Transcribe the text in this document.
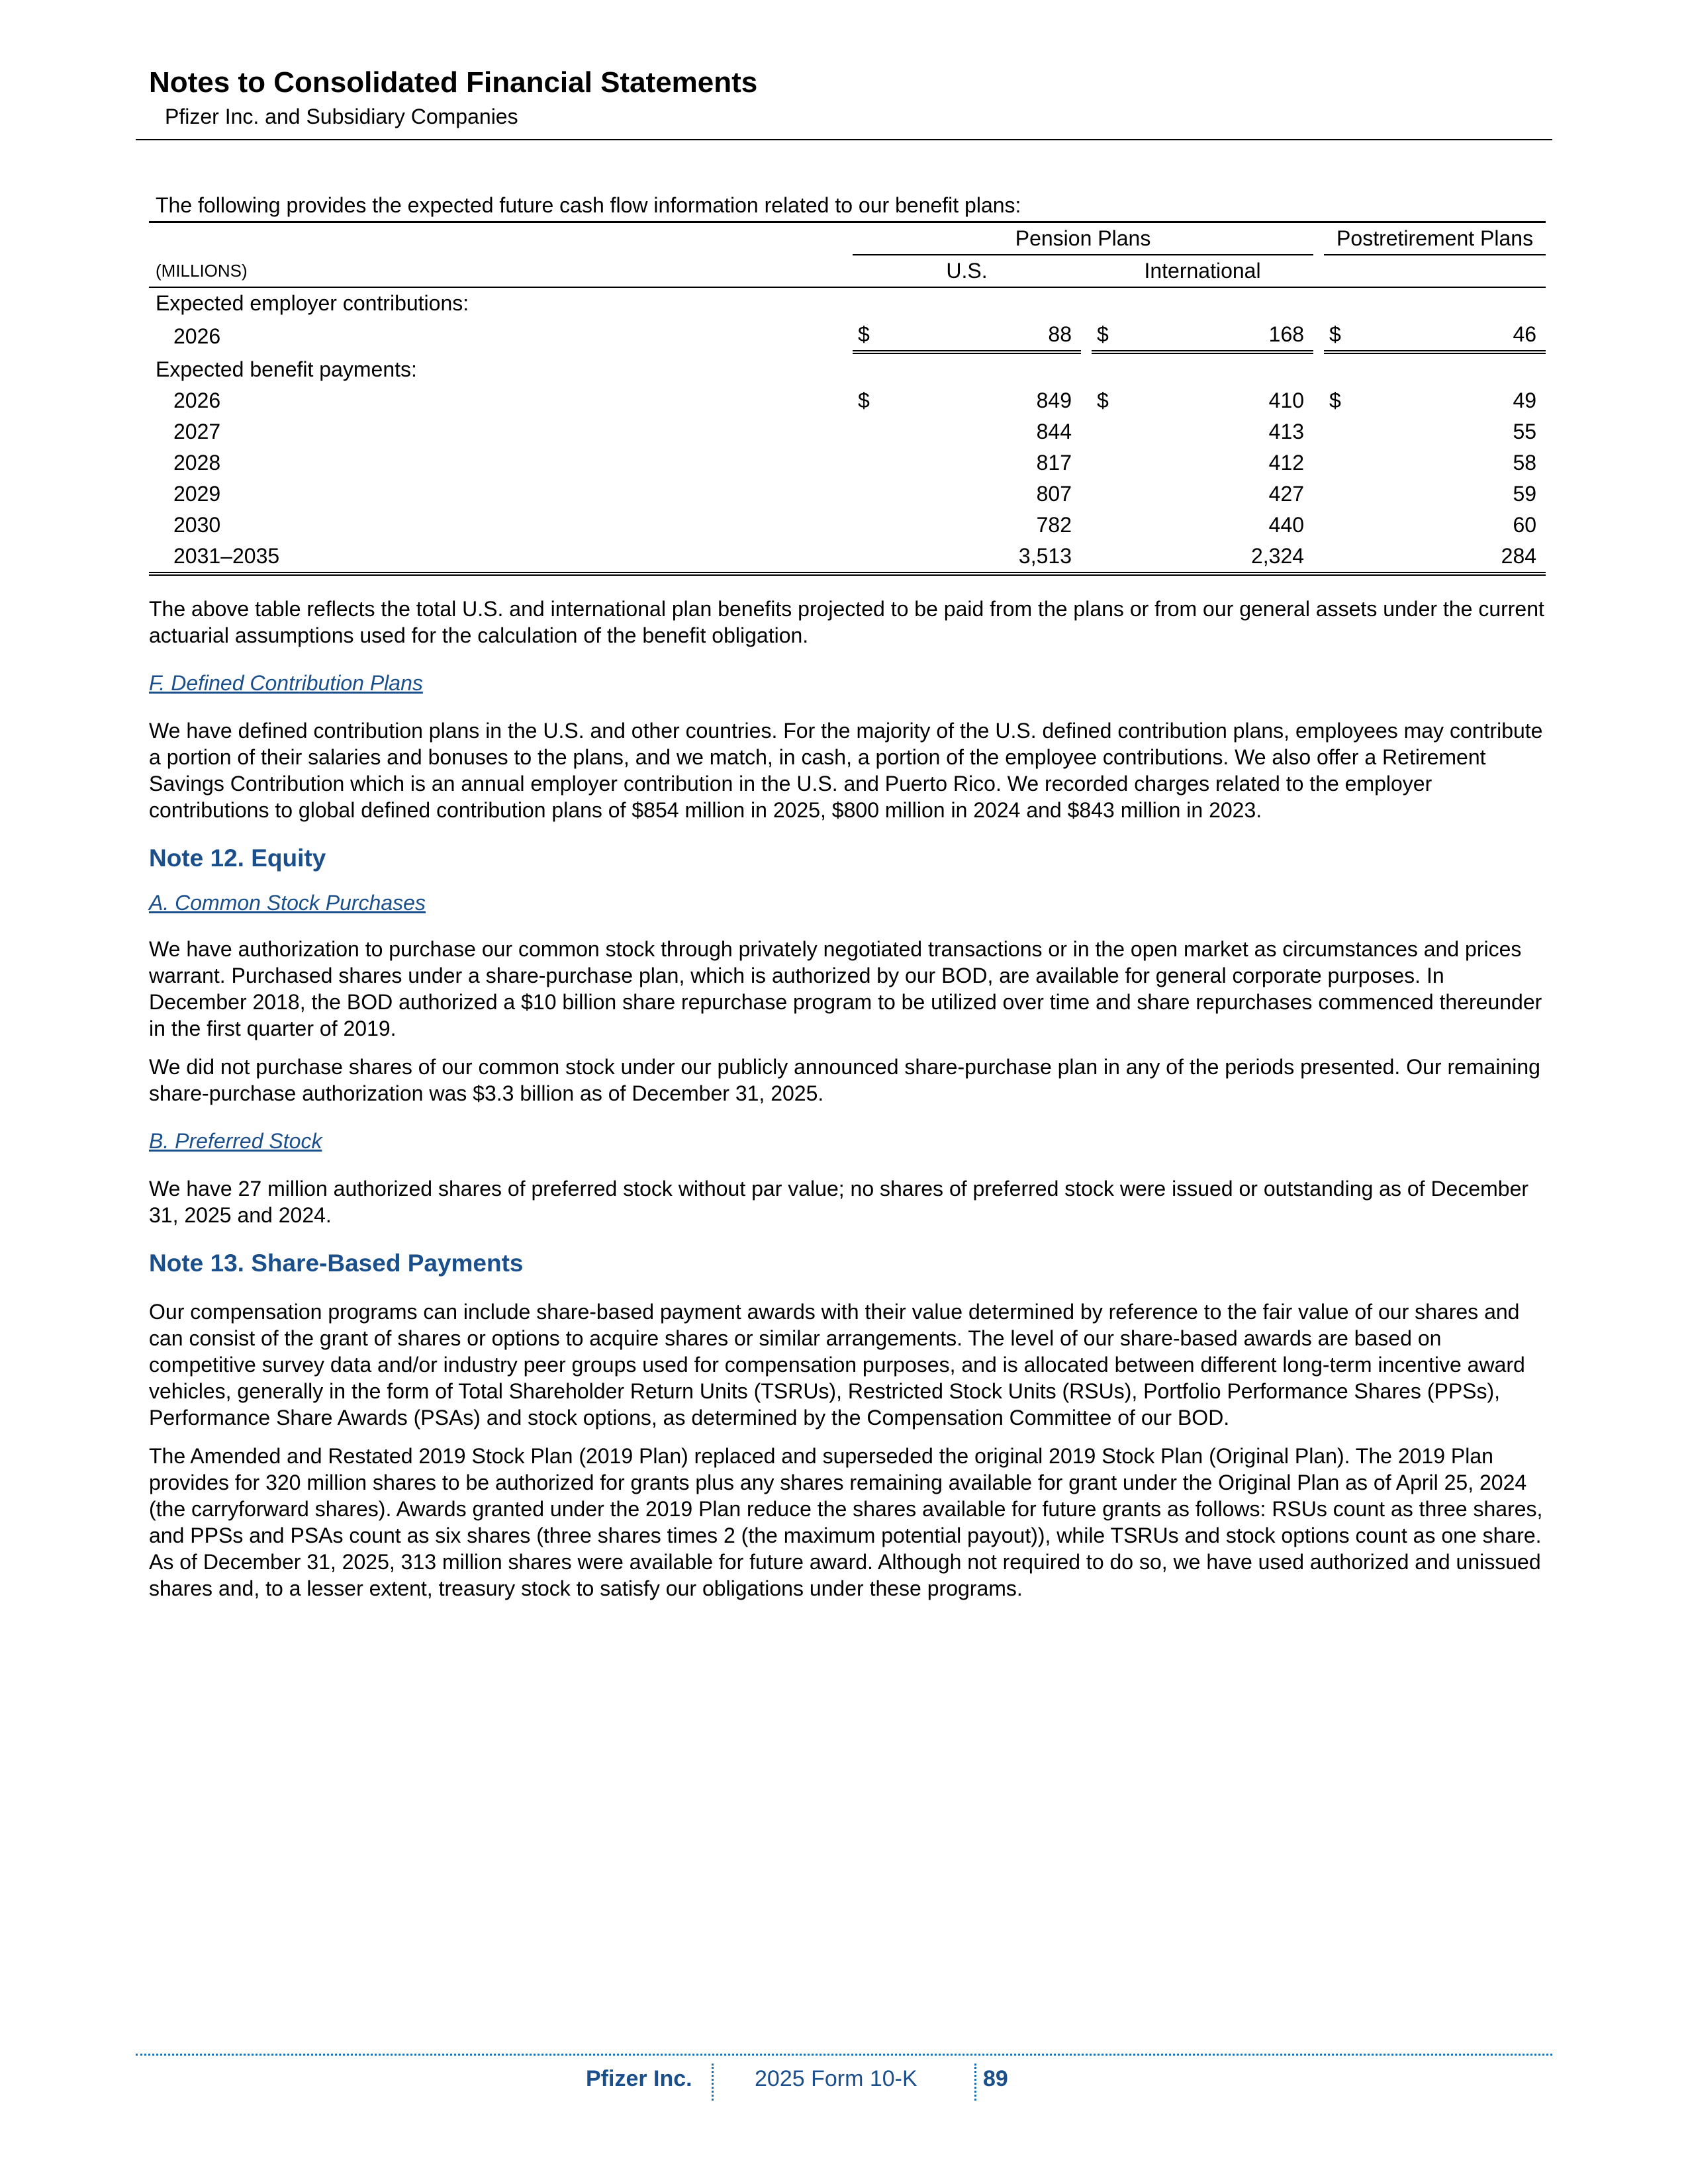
Notes to Consolidated Financial Statements

Pfizer Inc. and Subsidiary Companies

The following provides the expected future cash flow information related to our benefit plans:
		Pension Plans						Postretirement Plans	
(MILLIONS)		U.S.			International				
Expected employer contributions:									
2026		$	88		$	168		$	46
Expected benefit payments:									
2026		$	849		$	410		$	49
2027			844			413			55
2028			817			412			58
2029			807			427			59
2030			782			440			60
2031–2035			3,513			2,324			284

The above table reflects the total U.S. and international plan benefits projected to be paid from the plans or from our general assets under the current actuarial assumptions used for the calculation of the benefit obligation.

F. Defined Contribution Plans

We have defined contribution plans in the U.S. and other countries. For the majority of the U.S. defined contribution plans, employees may contribute a portion of their salaries and bonuses to the plans, and we match, in cash, a portion of the employee contributions. We also offer a Retirement Savings Contribution which is an annual employer contribution in the U.S. and Puerto Rico. We recorded charges related to the employer contributions to global defined contribution plans of $854 million in 2025, $800 million in 2024 and $843 million in 2023.

Note 12. Equity

A. Common Stock Purchases

We have authorization to purchase our common stock through privately negotiated transactions or in the open market as circumstances and prices warrant. Purchased shares under a share-purchase plan, which is authorized by our BOD, are available for general corporate purposes. In December 2018, the BOD authorized a $10 billion share repurchase program to be utilized over time and share repurchases commenced thereunder in the first quarter of 2019.

We did not purchase shares of our common stock under our publicly announced share-purchase plan in any of the periods presented. Our remaining share-purchase authorization was $3.3 billion as of December 31, 2025.

B. Preferred Stock

We have 27 million authorized shares of preferred stock without par value; no shares of preferred stock were issued or outstanding as of December 31, 2025 and 2024.

Note 13. Share-Based Payments

Our compensation programs can include share-based payment awards with their value determined by reference to the fair value of our shares and can consist of the grant of shares or options to acquire shares or similar arrangements. The level of our share-based awards are based on competitive survey data and/or industry peer groups used for compensation purposes, and is allocated between different long-term incentive award vehicles, generally in the form of Total Shareholder Return Units (TSRUs), Restricted Stock Units (RSUs), Portfolio Performance Shares (PPSs), Performance Share Awards (PSAs) and stock options, as determined by the Compensation Committee of our BOD.

The Amended and Restated 2019 Stock Plan (2019 Plan) replaced and superseded the original 2019 Stock Plan (Original Plan). The 2019 Plan provides for 320 million shares to be authorized for grants plus any shares remaining available for grant under the Original Plan as of April 25, 2024 (the carryforward shares). Awards granted under the 2019 Plan reduce the shares available for future grants as follows: RSUs count as three shares, and PPSs and PSAs count as six shares (three shares times 2 (the maximum potential payout)), while TSRUs and stock options count as one share. As of December 31, 2025, 313 million shares were available for future award. Although not required to do so, we have used authorized and unissued shares and, to a lesser extent, treasury stock to satisfy our obligations under these programs.

Pfizer Inc.	2025 Form 10-K	89
